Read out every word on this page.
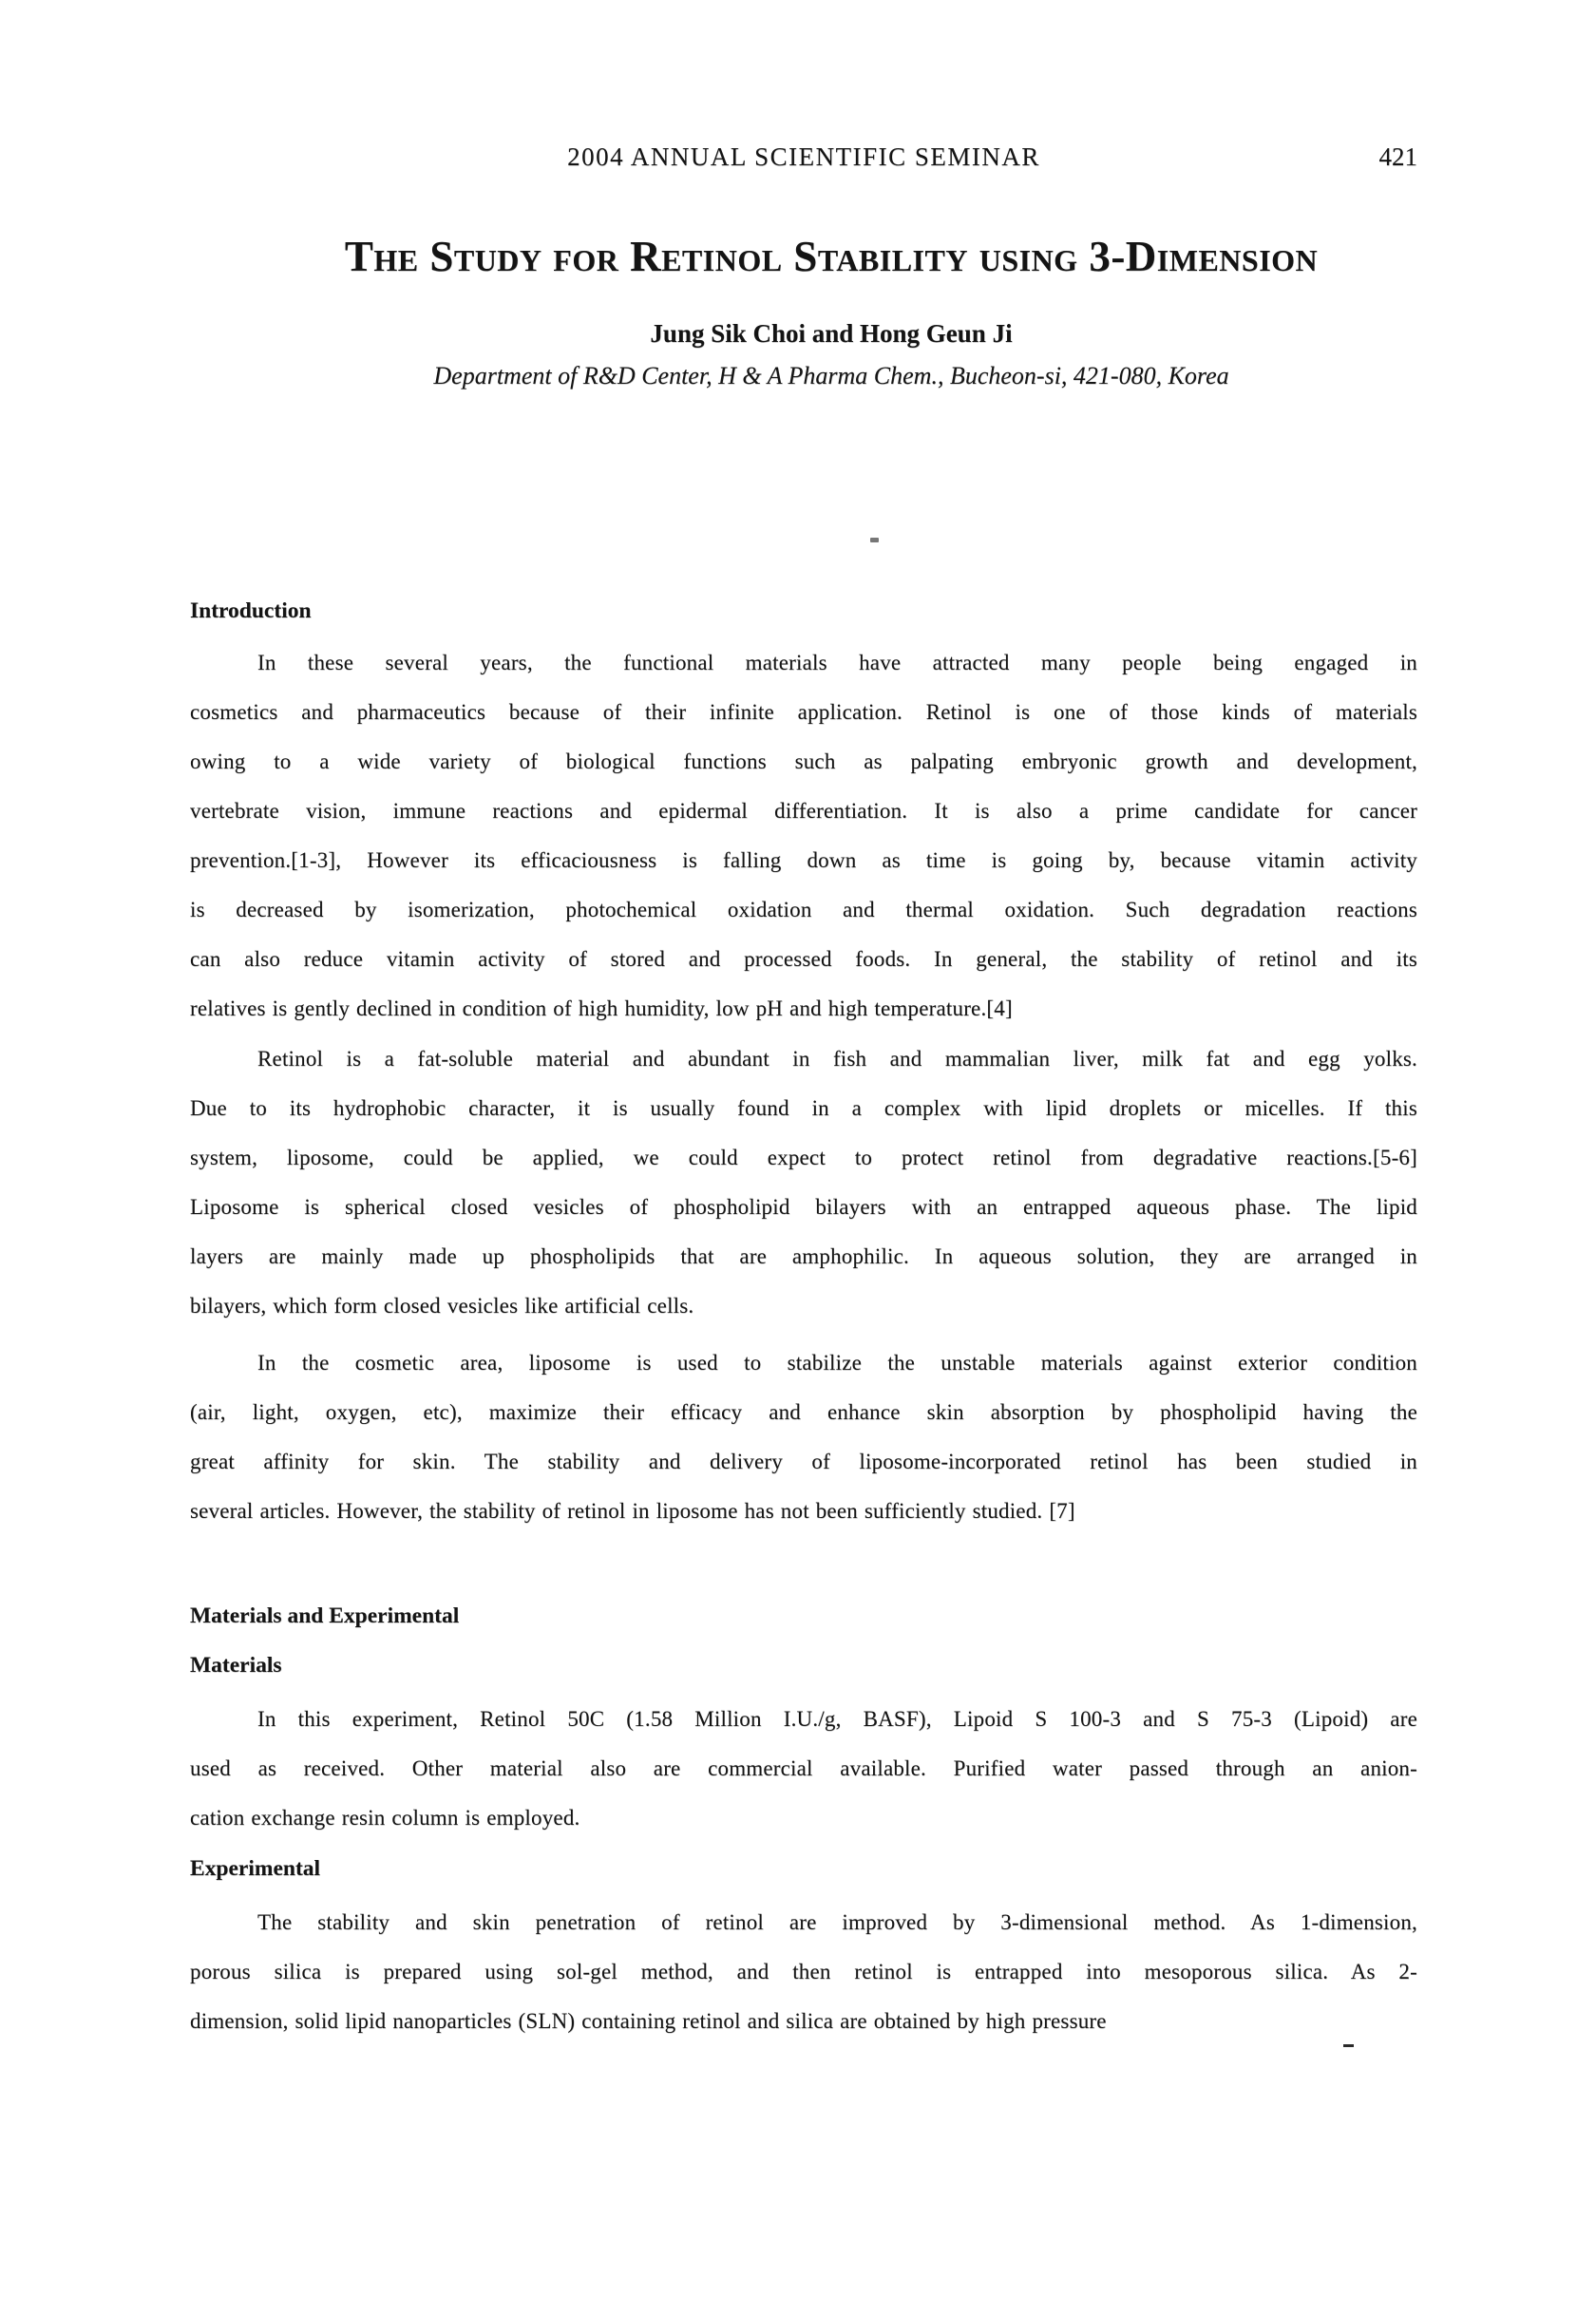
2004 ANNUAL SCIENTIFIC SEMINAR	421
The Study for Retinol Stability using 3-Dimension
Jung Sik Choi and Hong Geun Ji
Department of R&D Center, H & A Pharma Chem., Bucheon-si, 421-080, Korea
Introduction
In these several years, the functional materials have attracted many people being engaged in
cosmetics and pharmaceutics because of their infinite application. Retinol is one of those kinds of materials
owing to a wide variety of biological functions such as palpating embryonic growth and development,
vertebrate vision, immune reactions and epidermal differentiation. It is also a prime candidate for cancer
prevention.[1-3], However its efficaciousness is falling down as time is going by, because vitamin activity
is decreased by isomerization, photochemical oxidation and thermal oxidation. Such degradation reactions
can also reduce vitamin activity of stored and processed foods. In general, the stability of retinol and its
relatives is gently declined in condition of high humidity, low pH and high temperature.[4]
Retinol is a fat-soluble material and abundant in fish and mammalian liver, milk fat and egg yolks.
Due to its hydrophobic character, it is usually found in a complex with lipid droplets or micelles. If this
system, liposome, could be applied, we could expect to protect retinol from degradative reactions.[5-6]
Liposome is spherical closed vesicles of phospholipid bilayers with an entrapped aqueous phase. The lipid
layers are mainly made up phospholipids that are amphophilic. In aqueous solution, they are arranged in
bilayers, which form closed vesicles like artificial cells.
In the cosmetic area, liposome is used to stabilize the unstable materials against exterior condition
(air, light, oxygen, etc), maximize their efficacy and enhance skin absorption by phospholipid having the
great affinity for skin. The stability and delivery of liposome-incorporated retinol has been studied in
several articles. However, the stability of retinol in liposome has not been sufficiently studied. [7]
Materials and Experimental
Materials
In this experiment, Retinol 50C (1.58 Million I.U./g, BASF), Lipoid S 100-3 and S 75-3 (Lipoid) are
used as received. Other material also are commercial available. Purified water passed through an anion-
cation exchange resin column is employed.
Experimental
The stability and skin penetration of retinol are improved by 3-dimensional method. As 1-dimension,
porous silica is prepared using sol-gel method, and then retinol is entrapped into mesoporous silica. As 2-
dimension, solid lipid nanoparticles (SLN) containing retinol and silica are obtained by high pressure
